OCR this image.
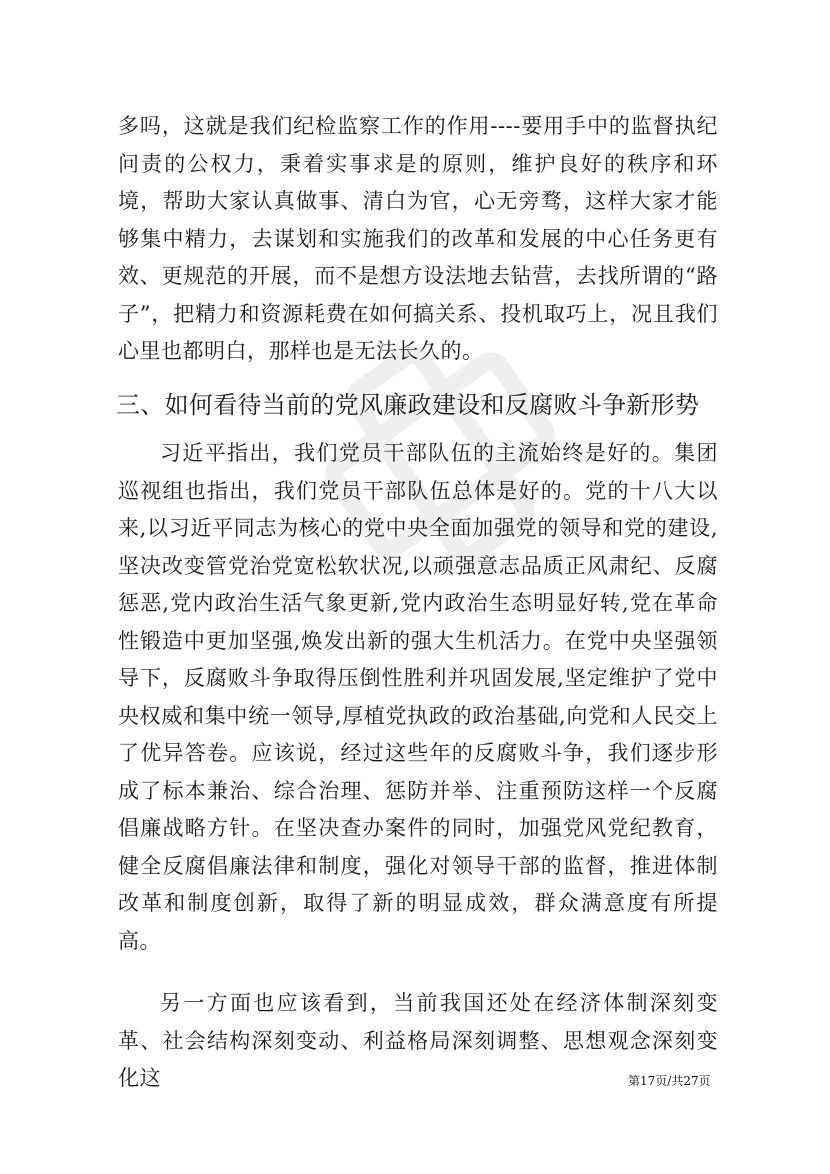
多吗，这就是我们纪检监察工作的作用----要用手中的监督执纪问责的公权力，秉着实事求是的原则，维护良好的秩序和环境，帮助大家认真做事、清白为官，心无旁骛，这样大家才能够集中精力，去谋划和实施我们的改革和发展的中心任务更有效、更规范的开展，而不是想方设法地去钻营，去找所谓的“路子”，把精力和资源耗费在如何搞关系、投机取巧上，况且我们心里也都明白，那样也是无法长久的。

三、如何看待当前的党风廉政建设和反腐败斗争新形势

习近平指出，我们党员干部队伍的主流始终是好的。集团巡视组也指出，我们党员干部队伍总体是好的。党的十八大以来,以习近平同志为核心的党中央全面加强党的领导和党的建设,坚决改变管党治党宽松软状况,以顽强意志品质正风肃纪、反腐惩恶,党内政治生活气象更新,党内政治生态明显好转,党在革命性锻造中更加坚强,焕发出新的强大生机活力。在党中央坚强领导下，反腐败斗争取得压倒性胜利并巩固发展,坚定维护了党中央权威和集中统一领导,厚植党执政的政治基础,向党和人民交上了优异答卷。应该说，经过这些年的反腐败斗争，我们逐步形成了标本兼治、综合治理、惩防并举、注重预防这样一个反腐倡廉战略方针。在坚决查办案件的同时，加强党风党纪教育，健全反腐倡廉法律和制度，强化对领导干部的监督，推进体制改革和制度创新，取得了新的明显成效，群众满意度有所提高。

另一方面也应该看到，当前我国还处在经济体制深刻变革、社会结构深刻变动、利益格局深刻调整、思想观念深刻变化这	第17页/共27页
